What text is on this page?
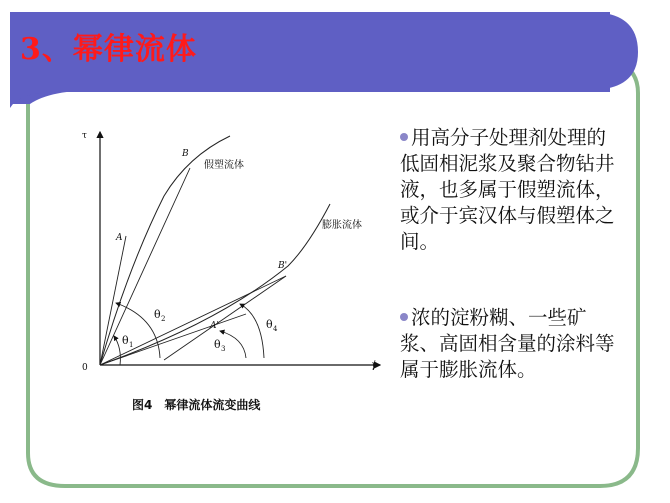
3、幂律流体
τ
γ̇
0
A
B
A'
B'
假塑流体
膨胀流体
θ 1
θ 2
θ 3
θ 4
图4　幂律流体流变曲线
用高分子处理剂处理的低固相泥浆及聚合物钻井液，也多属于假塑流体，或介于宾汉体与假塑体之间。
浓的淀粉糊、一些矿浆、高固相含量的涂料等属于膨胀流体。
